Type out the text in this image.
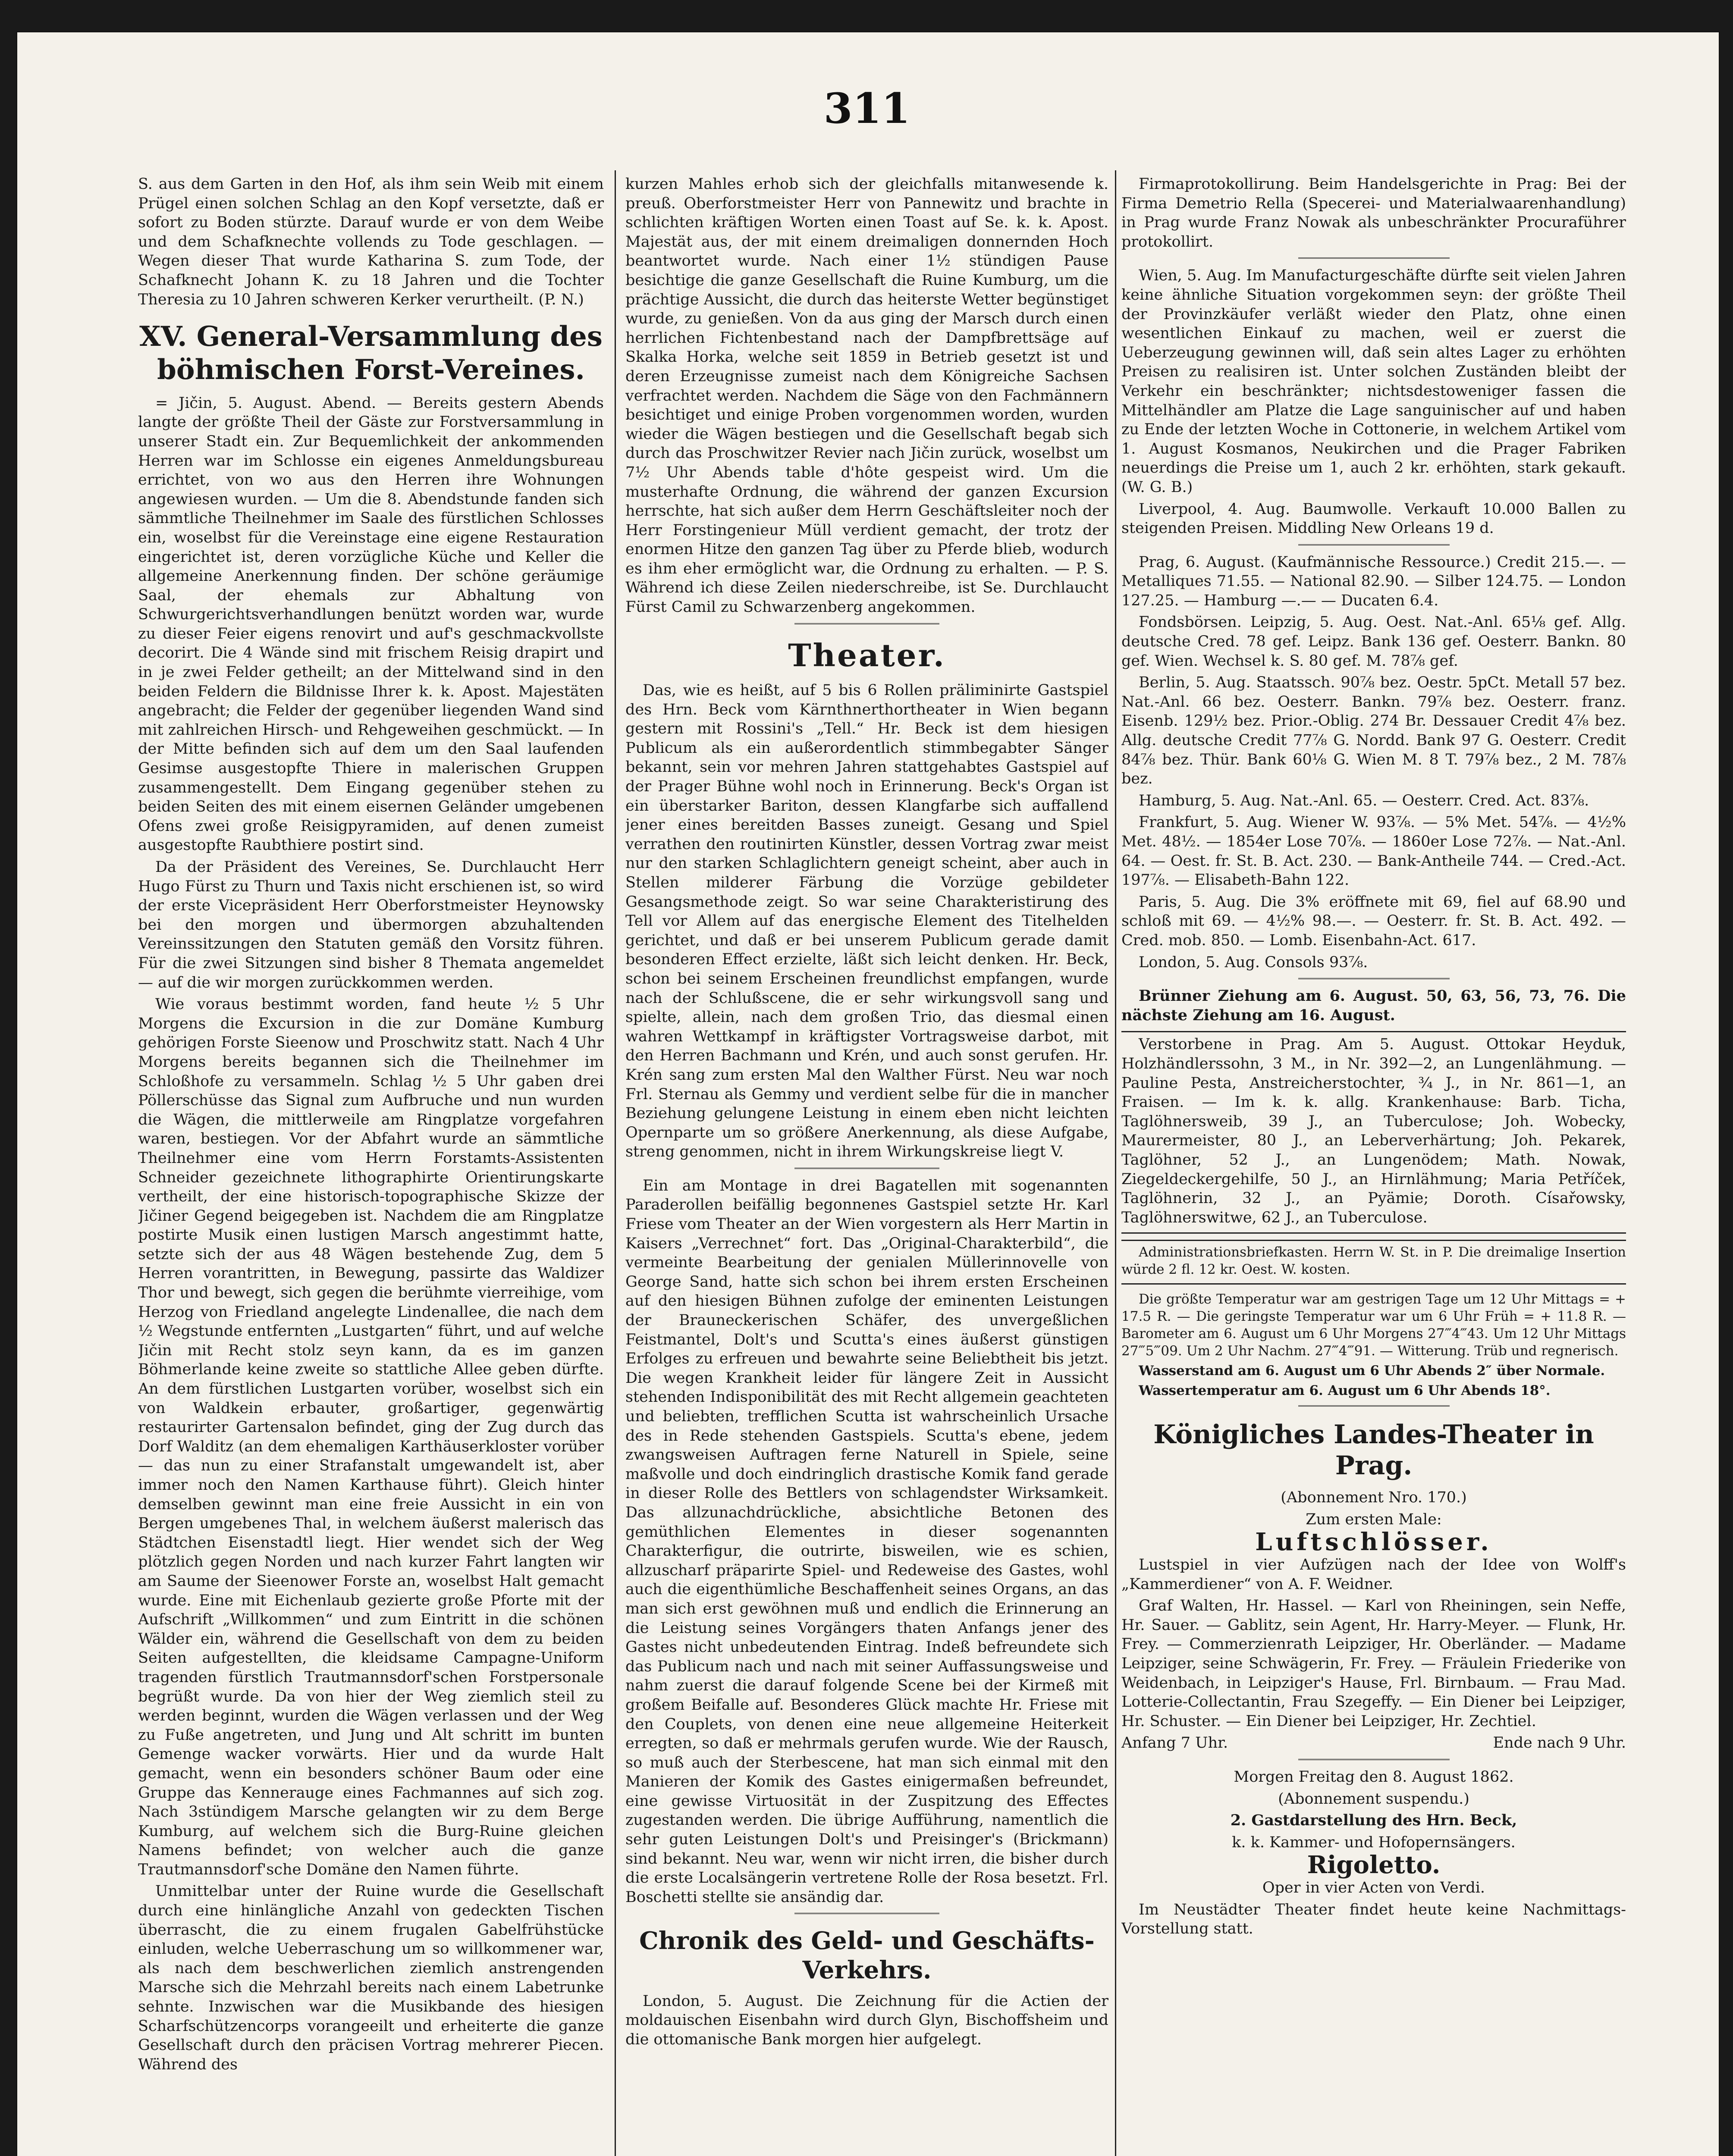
311

S. aus dem Garten in den Hof, als ihm sein Weib mit einem Prügel einen solchen Schlag an den Kopf versetzte, daß er sofort zu Boden stürzte. Darauf wurde er von dem Weibe und dem Schafknechte vollends zu Tode geschlagen. — Wegen dieser That wurde Katharina S. zum Tode, der Schafknecht Johann K. zu 18 Jahren und die Tochter Theresia zu 10 Jahren schweren Kerker verurtheilt. (P. N.)

XV. General-Versammlung des böhmischen Forst-Vereines.

= Jičin, 5. August. Abend. — Bereits gestern Abends langte der größte Theil der Gäste zur Forstversammlung in unserer Stadt ein. Zur Bequemlichkeit der ankommenden Herren war im Schlosse ein eigenes Anmeldungsbureau errichtet, von wo aus den Herren ihre Wohnungen angewiesen wurden. — Um die 8. Abendstunde fanden sich sämmtliche Theilnehmer im Saale des fürstlichen Schlosses ein, woselbst für die Vereinstage eine eigene Restauration eingerichtet ist, deren vorzügliche Küche und Keller die allgemeine Anerkennung finden. Der schöne geräumige Saal, der ehemals zur Abhaltung von Schwurgerichtsverhandlungen benützt worden war, wurde zu dieser Feier eigens renovirt und auf's geschmackvollste decorirt. Die 4 Wände sind mit frischem Reisig drapirt und in je zwei Felder getheilt; an der Mittelwand sind in den beiden Feldern die Bildnisse Ihrer k. k. Apost. Majestäten angebracht; die Felder der gegenüber liegenden Wand sind mit zahlreichen Hirsch- und Rehgeweihen geschmückt. — In der Mitte befinden sich auf dem um den Saal laufenden Gesimse ausgestopfte Thiere in malerischen Gruppen zusammengestellt. Dem Eingang gegenüber stehen zu beiden Seiten des mit einem eisernen Geländer umgebenen Ofens zwei große Reisigpyramiden, auf denen zumeist ausgestopfte Raubthiere postirt sind.

Da der Präsident des Vereines, Se. Durchlaucht Herr Hugo Fürst zu Thurn und Taxis nicht erschienen ist, so wird der erste Vicepräsident Herr Oberforstmeister Heynowsky bei den morgen und übermorgen abzuhaltenden Vereinssitzungen den Statuten gemäß den Vorsitz führen. Für die zwei Sitzungen sind bisher 8 Themata angemeldet — auf die wir morgen zurückkommen werden.

Wie voraus bestimmt worden, fand heute ½ 5 Uhr Morgens die Excursion in die zur Domäne Kumburg gehörigen Forste Sieenow und Proschwitz statt. Nach 4 Uhr Morgens bereits begannen sich die Theilnehmer im Schloßhofe zu versammeln. Schlag ½ 5 Uhr gaben drei Pöllerschüsse das Signal zum Aufbruche und nun wurden die Wägen, die mittlerweile am Ringplatze vorgefahren waren, bestiegen. Vor der Abfahrt wurde an sämmtliche Theilnehmer eine vom Herrn Forstamts-Assistenten Schneider gezeichnete lithographirte Orientirungskarte vertheilt, der eine historisch-topographische Skizze der Jičiner Gegend beigegeben ist. Nachdem die am Ringplatze postirte Musik einen lustigen Marsch angestimmt hatte, setzte sich der aus 48 Wägen bestehende Zug, dem 5 Herren vorantritten, in Bewegung, passirte das Waldizer Thor und bewegt, sich gegen die berühmte vierreihige, vom Herzog von Friedland angelegte Lindenallee, die nach dem ½ Wegstunde entfernten „Lustgarten“ führt, und auf welche Jičin mit Recht stolz seyn kann, da es im ganzen Böhmerlande keine zweite so stattliche Allee geben dürfte. An dem fürstlichen Lustgarten vorüber, woselbst sich ein von Waldkein erbauter, großartiger, gegenwärtig restaurirter Gartensalon befindet, ging der Zug durch das Dorf Walditz (an dem ehemaligen Karthäuserkloster vorüber — das nun zu einer Strafanstalt umgewandelt ist, aber immer noch den Namen Karthause führt). Gleich hinter demselben gewinnt man eine freie Aussicht in ein von Bergen umgebenes Thal, in welchem äußerst malerisch das Städtchen Eisenstadtl liegt. Hier wendet sich der Weg plötzlich gegen Norden und nach kurzer Fahrt langten wir am Saume der Sieenower Forste an, woselbst Halt gemacht wurde. Eine mit Eichenlaub gezierte große Pforte mit der Aufschrift „Willkommen“ und zum Eintritt in die schönen Wälder ein, während die Gesellschaft von dem zu beiden Seiten aufgestellten, die kleidsame Campagne-Uniform tragenden fürstlich Trautmannsdorf'schen Forstpersonale begrüßt wurde. Da von hier der Weg ziemlich steil zu werden beginnt, wurden die Wägen verlassen und der Weg zu Fuße angetreten, und Jung und Alt schritt im bunten Gemenge wacker vorwärts. Hier und da wurde Halt gemacht, wenn ein besonders schöner Baum oder eine Gruppe das Kennerauge eines Fachmannes auf sich zog. Nach 3stündigem Marsche gelangten wir zu dem Berge Kumburg, auf welchem sich die Burg-Ruine gleichen Namens befindet; von welcher auch die ganze Trautmannsdorf'sche Domäne den Namen führte.

Unmittelbar unter der Ruine wurde die Gesellschaft durch eine hinlängliche Anzahl von gedeckten Tischen überrascht, die zu einem frugalen Gabelfrühstücke einluden, welche Ueberraschung um so willkommener war, als nach dem beschwerlichen ziemlich anstrengenden Marsche sich die Mehrzahl bereits nach einem Labetrunke sehnte. Inzwischen war die Musikbande des hiesigen Scharfschützencorps vorangeeilt und erheiterte die ganze Gesellschaft durch den präcisen Vortrag mehrerer Piecen. Während des

kurzen Mahles erhob sich der gleichfalls mitanwesende k. preuß. Oberforstmeister Herr von Pannewitz und brachte in schlichten kräftigen Worten einen Toast auf Se. k. k. Apost. Majestät aus, der mit einem dreimaligen donnernden Hoch beantwortet wurde. Nach einer 1½ stündigen Pause besichtige die ganze Gesellschaft die Ruine Kumburg, um die prächtige Aussicht, die durch das heiterste Wetter begünstiget wurde, zu genießen. Von da aus ging der Marsch durch einen herrlichen Fichtenbestand nach der Dampfbrettsäge auf Skalka Horka, welche seit 1859 in Betrieb gesetzt ist und deren Erzeugnisse zumeist nach dem Königreiche Sachsen verfrachtet werden. Nachdem die Säge von den Fachmännern besichtiget und einige Proben vorgenommen worden, wurden wieder die Wägen bestiegen und die Gesellschaft begab sich durch das Proschwitzer Revier nach Jičin zurück, woselbst um 7½ Uhr Abends table d'hôte gespeist wird. Um die musterhafte Ordnung, die während der ganzen Excursion herrschte, hat sich außer dem Herrn Geschäftsleiter noch der Herr Forstingenieur Müll verdient gemacht, der trotz der enormen Hitze den ganzen Tag über zu Pferde blieb, wodurch es ihm eher ermöglicht war, die Ordnung zu erhalten. — P. S. Während ich diese Zeilen niederschreibe, ist Se. Durchlaucht Fürst Camil zu Schwarzenberg angekommen.

Theater.

Das, wie es heißt, auf 5 bis 6 Rollen präliminirte Gastspiel des Hrn. Beck vom Kärnthnerthortheater in Wien begann gestern mit Rossini's „Tell.“ Hr. Beck ist dem hiesigen Publicum als ein außerordentlich stimmbegabter Sänger bekannt, sein vor mehren Jahren stattgehabtes Gastspiel auf der Prager Bühne wohl noch in Erinnerung. Beck's Organ ist ein überstarker Bariton, dessen Klangfarbe sich auffallend jener eines bereitden Basses zuneigt. Gesang und Spiel verrathen den routinirten Künstler, dessen Vortrag zwar meist nur den starken Schlaglichtern geneigt scheint, aber auch in Stellen milderer Färbung die Vorzüge gebildeter Gesangsmethode zeigt. So war seine Charakteristirung des Tell vor Allem auf das energische Element des Titelhelden gerichtet, und daß er bei unserem Publicum gerade damit besonderen Effect erzielte, läßt sich leicht denken. Hr. Beck, schon bei seinem Erscheinen freundlichst empfangen, wurde nach der Schlußscene, die er sehr wirkungsvoll sang und spielte, allein, nach dem großen Trio, das diesmal einen wahren Wettkampf in kräftigster Vortragsweise darbot, mit den Herren Bachmann und Krén, und auch sonst gerufen. Hr. Krén sang zum ersten Mal den Walther Fürst. Neu war noch Frl. Sternau als Gemmy und verdient selbe für die in mancher Beziehung gelungene Leistung in einem eben nicht leichten Opernparte um so größere Anerkennung, als diese Aufgabe, streng genommen, nicht in ihrem Wirkungskreise liegt V.

Ein am Montage in drei Bagatellen mit sogenannten Paraderollen beifällig begonnenes Gastspiel setzte Hr. Karl Friese vom Theater an der Wien vorgestern als Herr Martin in Kaisers „Verrechnet“ fort. Das „Original-Charakterbild“, die vermeinte Bearbeitung der genialen Müllerinnovelle von George Sand, hatte sich schon bei ihrem ersten Erscheinen auf den hiesigen Bühnen zufolge der eminenten Leistungen der Brauneckerischen Schäfer, des unvergeßlichen Feistmantel, Dolt's und Scutta's eines äußerst günstigen Erfolges zu erfreuen und bewahrte seine Beliebtheit bis jetzt. Die wegen Krankheit leider für längere Zeit in Aussicht stehenden Indisponibilität des mit Recht allgemein geachteten und beliebten, trefflichen Scutta ist wahrscheinlich Ursache des in Rede stehenden Gastspiels. Scutta's ebene, jedem zwangsweisen Auftragen ferne Naturell in Spiele, seine maßvolle und doch eindringlich drastische Komik fand gerade in dieser Rolle des Bettlers von schlagendster Wirksamkeit. Das allzunachdrückliche, absichtliche Betonen des gemüthlichen Elementes in dieser sogenannten Charakterfigur, die outrirte, bisweilen, wie es schien, allzuscharf präparirte Spiel- und Redeweise des Gastes, wohl auch die eigenthümliche Beschaffenheit seines Organs, an das man sich erst gewöhnen muß und endlich die Erinnerung an die Leistung seines Vorgängers thaten Anfangs jener des Gastes nicht unbedeutenden Eintrag. Indeß befreundete sich das Publicum nach und nach mit seiner Auffassungsweise und nahm zuerst die darauf folgende Scene bei der Kirmeß mit großem Beifalle auf. Besonderes Glück machte Hr. Friese mit den Couplets, von denen eine neue allgemeine Heiterkeit erregten, so daß er mehrmals gerufen wurde. Wie der Rausch, so muß auch der Sterbescene, hat man sich einmal mit den Manieren der Komik des Gastes einigermaßen befreundet, eine gewisse Virtuosität in der Zuspitzung des Effectes zugestanden werden. Die übrige Aufführung, namentlich die sehr guten Leistungen Dolt's und Preisinger's (Brickmann) sind bekannt. Neu war, wenn wir nicht irren, die bisher durch die erste Localsängerin vertretene Rolle der Rosa besetzt. Frl. Boschetti stellte sie ansändig dar.

Chronik des Geld- und Geschäfts-Verkehrs.

London, 5. August. Die Zeichnung für die Actien der moldauischen Eisenbahn wird durch Glyn, Bischoffsheim und die ottomanische Bank morgen hier aufgelegt.

Firmaprotokollirung. Beim Handelsgerichte in Prag: Bei der Firma Demetrio Rella (Specerei- und Materialwaarenhandlung) in Prag wurde Franz Nowak als unbeschränkter Procuraführer protokollirt.

Wien, 5. Aug. Im Manufacturgeschäfte dürfte seit vielen Jahren keine ähnliche Situation vorgekommen seyn: der größte Theil der Provinzkäufer verläßt wieder den Platz, ohne einen wesentlichen Einkauf zu machen, weil er zuerst die Ueberzeugung gewinnen will, daß sein altes Lager zu erhöhten Preisen zu realisiren ist. Unter solchen Zuständen bleibt der Verkehr ein beschränkter; nichtsdestoweniger fassen die Mittelhändler am Platze die Lage sanguinischer auf und haben zu Ende der letzten Woche in Cottonerie, in welchem Artikel vom 1. August Kosmanos, Neukirchen und die Prager Fabriken neuerdings die Preise um 1, auch 2 kr. erhöhten, stark gekauft. (W. G. B.)

Liverpool, 4. Aug. Baumwolle. Verkauft 10.000 Ballen zu steigenden Preisen. Middling New Orleans 19 d.

Prag, 6. August. (Kaufmännische Ressource.) Credit 215.—. — Metalliques 71.55. — National 82.90. — Silber 124.75. — London 127.25. — Hamburg —.— — Ducaten 6.4.

Fondsbörsen. Leipzig, 5. Aug. Oest. Nat.-Anl. 65⅛ gef. Allg. deutsche Cred. 78 gef. Leipz. Bank 136 gef. Oesterr. Bankn. 80 gef. Wien. Wechsel k. S. 80 gef. M. 78⅞ gef.

Berlin, 5. Aug. Staatssch. 90⅞ bez. Oestr. 5pCt. Metall 57 bez. Nat.-Anl. 66 bez. Oesterr. Bankn. 79⅞ bez. Oesterr. franz. Eisenb. 129½ bez. Prior.-Oblig. 274 Br. Dessauer Credit 4⅞ bez. Allg. deutsche Credit 77⅞ G. Nordd. Bank 97 G. Oesterr. Credit 84⅞ bez. Thür. Bank 60⅛ G. Wien M. 8 T. 79⅞ bez., 2 M. 78⅞ bez.

Hamburg, 5. Aug. Nat.-Anl. 65. — Oesterr. Cred. Act. 83⅞.

Frankfurt, 5. Aug. Wiener W. 93⅞. — 5% Met. 54⅞. — 4½% Met. 48½. — 1854er Lose 70⅞. — 1860er Lose 72⅞. — Nat.-Anl. 64. — Oest. fr. St. B. Act. 230. — Bank-Antheile 744. — Cred.-Act. 197⅞. — Elisabeth-Bahn 122.

Paris, 5. Aug. Die 3% eröffnete mit 69, fiel auf 68.90 und schloß mit 69. — 4½% 98.—. — Oesterr. fr. St. B. Act. 492. — Cred. mob. 850. — Lomb. Eisenbahn-Act. 617.

London, 5. Aug. Consols 93⅞.

Brünner Ziehung am 6. August. 50, 63, 56, 73, 76. Die nächste Ziehung am 16. August.

Verstorbene in Prag. Am 5. August. Ottokar Heyduk, Holzhändlerssohn, 3 M., in Nr. 392—2, an Lungenlähmung. — Pauline Pesta, Anstreicherstochter, ¾ J., in Nr. 861—1, an Fraisen. — Im k. k. allg. Krankenhause: Barb. Ticha, Taglöhnersweib, 39 J., an Tuberculose; Joh. Wobecky, Maurermeister, 80 J., an Leberverhärtung; Joh. Pekarek, Taglöhner, 52 J., an Lungenödem; Math. Nowak, Ziegeldeckergehilfe, 50 J., an Hirnlähmung; Maria Petříček, Taglöhnerin, 32 J., an Pyämie; Doroth. Císařowsky, Taglöhnerswitwe, 62 J., an Tuberculose.

Administrationsbriefkasten. Herrn W. St. in P. Die dreimalige Insertion würde 2 fl. 12 kr. Oest. W. kosten.

Die größte Temperatur war am gestrigen Tage um 12 Uhr Mittags = + 17.5 R. — Die geringste Temperatur war um 6 Uhr Früh = + 11.8 R. — Barometer am 6. August um 6 Uhr Morgens 27‴4‴43. Um 12 Uhr Mittags 27‴5‴09. Um 2 Uhr Nachm. 27‴4‴91. — Witterung. Trüb und regnerisch.

Wasserstand am 6. August um 6 Uhr Abends 2″ über Normale.

Wassertemperatur am 6. August um 6 Uhr Abends 18°.

Königliches Landes-Theater in Prag.

(Abonnement Nro. 170.)

Zum ersten Male:

Luftschlösser.

Lustspiel in vier Aufzügen nach der Idee von Wolff's „Kammerdiener“ von A. F. Weidner.

Graf Walten, Hr. Hassel. — Karl von Rheiningen, sein Neffe, Hr. Sauer. — Gablitz, sein Agent, Hr. Harry-Meyer. — Flunk, Hr. Frey. — Commerzienrath Leipziger, Hr. Oberländer. — Madame Leipziger, seine Schwägerin, Fr. Frey. — Fräulein Friederike von Weidenbach, in Leipziger's Hause, Frl. Birnbaum. — Frau Mad. Lotterie-Collectantin, Frau Szegeffy. — Ein Diener bei Leipziger, Hr. Schuster. — Ein Diener bei Leipziger, Hr. Zechtiel.

Anfang 7 Uhr.	Ende nach 9 Uhr.

Morgen Freitag den 8. August 1862.

(Abonnement suspendu.)

2. Gastdarstellung des Hrn. Beck,

k. k. Kammer- und Hofopernsängers.

Rigoletto.

Oper in vier Acten von Verdi.

Im Neustädter Theater findet heute keine Nachmittags-Vorstellung statt.
